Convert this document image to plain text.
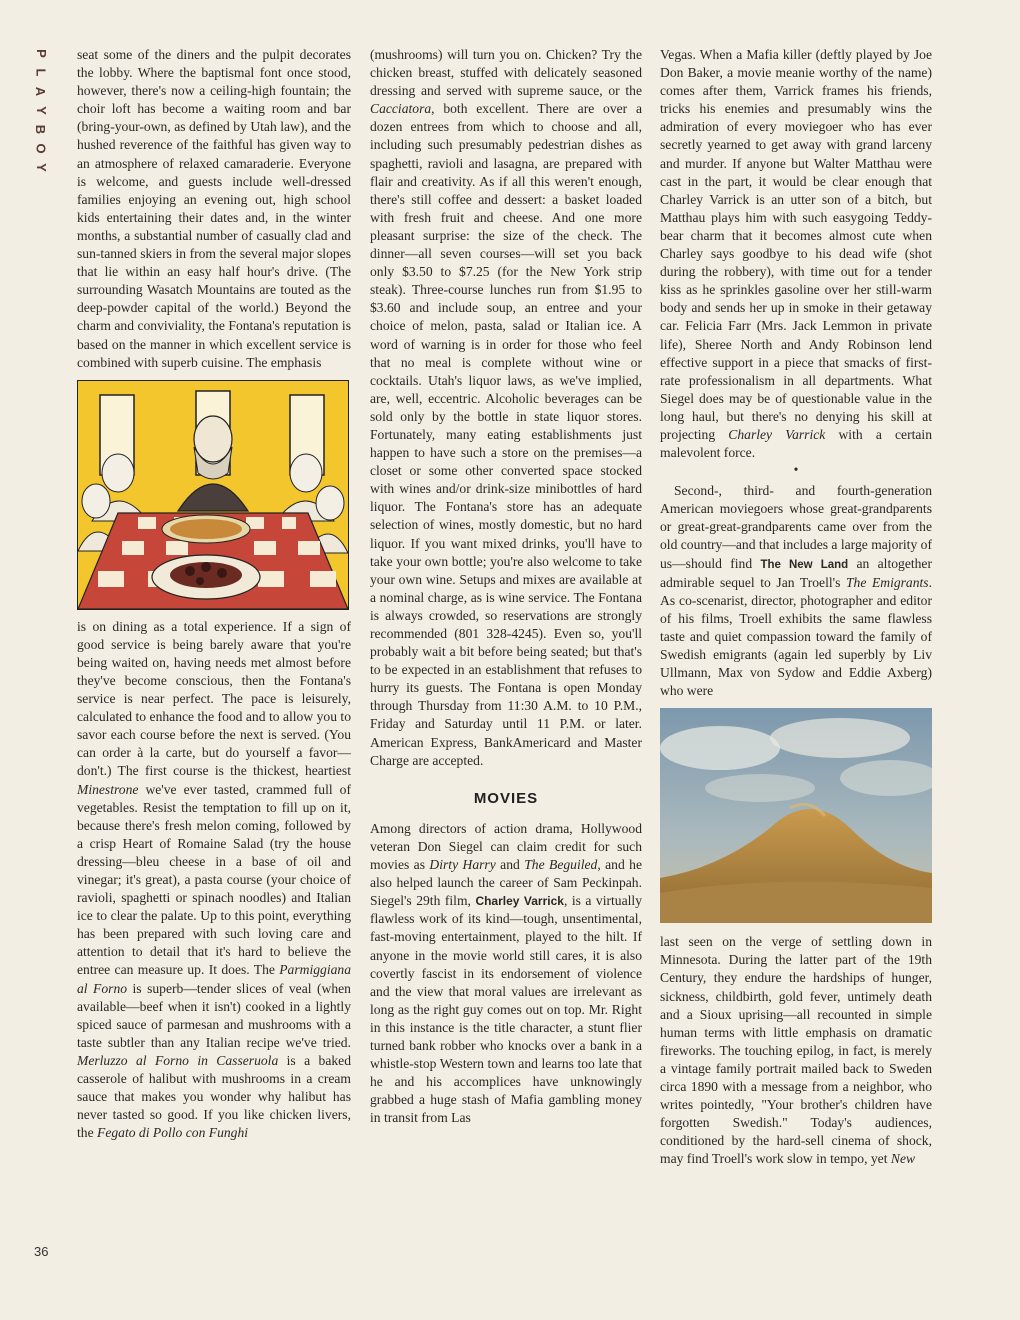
P
L
A
Y
B
O
Y
36

seat some of the diners and the pulpit decorates the lobby. Where the baptismal font once stood, however, there's now a ceiling-high fountain; the choir loft has become a waiting room and bar (bring-your-own, as defined by Utah law), and the hushed reverence of the faithful has given way to an atmosphere of relaxed camaraderie. Everyone is welcome, and guests include well-dressed families enjoying an evening out, high school kids entertaining their dates and, in the winter months, a substantial number of casually clad and sun-tanned skiers in from the several major slopes that lie within an easy half hour's drive. (The surrounding Wasatch Mountains are touted as the deep-powder capital of the world.) Beyond the charm and conviviality, the Fontana's reputation is based on the manner in which excellent service is combined with superb cuisine. The emphasis

is on dining as a total experience. If a sign of good service is being barely aware that you're being waited on, having needs met almost before they've become conscious, then the Fontana's service is near perfect. The pace is leisurely, calculated to enhance the food and to allow you to savor each course before the next is served. (You can order à la carte, but do yourself a favor—don't.) The first course is the thickest, heartiest Minestrone we've ever tasted, crammed full of vegetables. Resist the temptation to fill up on it, because there's fresh melon coming, followed by a crisp Heart of Romaine Salad (try the house dressing—bleu cheese in a base of oil and vinegar; it's great), a pasta course (your choice of ravioli, spaghetti or spinach noodles) and Italian ice to clear the palate. Up to this point, everything has been prepared with such loving care and attention to detail that it's hard to believe the entree can measure up. It does. The Parmiggiana al Forno is superb—tender slices of veal (when available—beef when it isn't) cooked in a lightly spiced sauce of parmesan and mushrooms with a taste subtler than any Italian recipe we've tried. Merluzzo al Forno in Casseruola is a baked casserole of halibut with mushrooms in a cream sauce that makes you wonder why halibut has never tasted so good. If you like chicken livers, the Fegato di Pollo con Funghi

(mushrooms) will turn you on. Chicken? Try the chicken breast, stuffed with delicately seasoned dressing and served with supreme sauce, or the Cacciatora, both excellent. There are over a dozen entrees from which to choose and all, including such presumably pedestrian dishes as spaghetti, ravioli and lasagna, are prepared with flair and creativity. As if all this weren't enough, there's still coffee and dessert: a basket loaded with fresh fruit and cheese. And one more pleasant surprise: the size of the check. The dinner—all seven courses—will set you back only $3.50 to $7.25 (for the New York strip steak). Three-course lunches run from $1.95 to $3.60 and include soup, an entree and your choice of melon, pasta, salad or Italian ice. A word of warning is in order for those who feel that no meal is complete without wine or cocktails. Utah's liquor laws, as we've implied, are, well, eccentric. Alcoholic beverages can be sold only by the bottle in state liquor stores. Fortunately, many eating establishments just happen to have such a store on the premises—a closet or some other converted space stocked with wines and/or drink-size minibottles of hard liquor. The Fontana's store has an adequate selection of wines, mostly domestic, but no hard liquor. If you want mixed drinks, you'll have to take your own bottle; you're also welcome to take your own wine. Setups and mixes are available at a nominal charge, as is wine service. The Fontana is always crowded, so reservations are strongly recommended (801 328-4245). Even so, you'll probably wait a bit before being seated; but that's to be expected in an establishment that refuses to hurry its guests. The Fontana is open Monday through Thursday from 11:30 A.M. to 10 P.M., Friday and Saturday until 11 P.M. or later. American Express, BankAmericard and Master Charge are accepted.

MOVIES

Among directors of action drama, Hollywood veteran Don Siegel can claim credit for such movies as Dirty Harry and The Beguiled, and he also helped launch the career of Sam Peckinpah. Siegel's 29th film, Charley Varrick, is a virtually flawless work of its kind—tough, unsentimental, fast-moving entertainment, played to the hilt. If anyone in the movie world still cares, it is also covertly fascist in its endorsement of violence and the view that moral values are irrelevant as long as the right guy comes out on top. Mr. Right in this instance is the title character, a stunt flier turned bank robber who knocks over a bank in a whistle-stop Western town and learns too late that he and his accomplices have unknowingly grabbed a huge stash of Mafia gambling money in transit from Las

Vegas. When a Mafia killer (deftly played by Joe Don Baker, a movie meanie worthy of the name) comes after them, Varrick frames his friends, tricks his enemies and presumably wins the admiration of every moviegoer who has ever secretly yearned to get away with grand larceny and murder. If anyone but Walter Matthau were cast in the part, it would be clear enough that Charley Varrick is an utter son of a bitch, but Matthau plays him with such easygoing Teddy-bear charm that it becomes almost cute when Charley says goodbye to his dead wife (shot during the robbery), with time out for a tender kiss as he sprinkles gasoline over her still-warm body and sends her up in smoke in their getaway car. Felicia Farr (Mrs. Jack Lemmon in private life), Sheree North and Andy Robinson lend effective support in a piece that smacks of first-rate professionalism in all departments. What Siegel does may be of questionable value in the long haul, but there's no denying his skill at projecting Charley Varrick with a certain malevolent force.

•

Second-, third- and fourth-generation American moviegoers whose great-grandparents or great-great-grandparents came over from the old country—and that includes a large majority of us—should find The New Land an altogether admirable sequel to Jan Troell's The Emigrants. As co-scenarist, director, photographer and editor of his films, Troell exhibits the same flawless taste and quiet compassion toward the family of Swedish emigrants (again led superbly by Liv Ullmann, Max von Sydow and Eddie Axberg) who were

last seen on the verge of settling down in Minnesota. During the latter part of the 19th Century, they endure the hardships of hunger, sickness, childbirth, gold fever, untimely death and a Sioux uprising—all recounted in simple human terms with little emphasis on dramatic fireworks. The touching epilog, in fact, is merely a vintage family portrait mailed back to Sweden circa 1890 with a message from a neighbor, who writes pointedly, "Your brother's children have forgotten Swedish." Today's audiences, conditioned by the hard-sell cinema of shock, may find Troell's work slow in tempo, yet New
